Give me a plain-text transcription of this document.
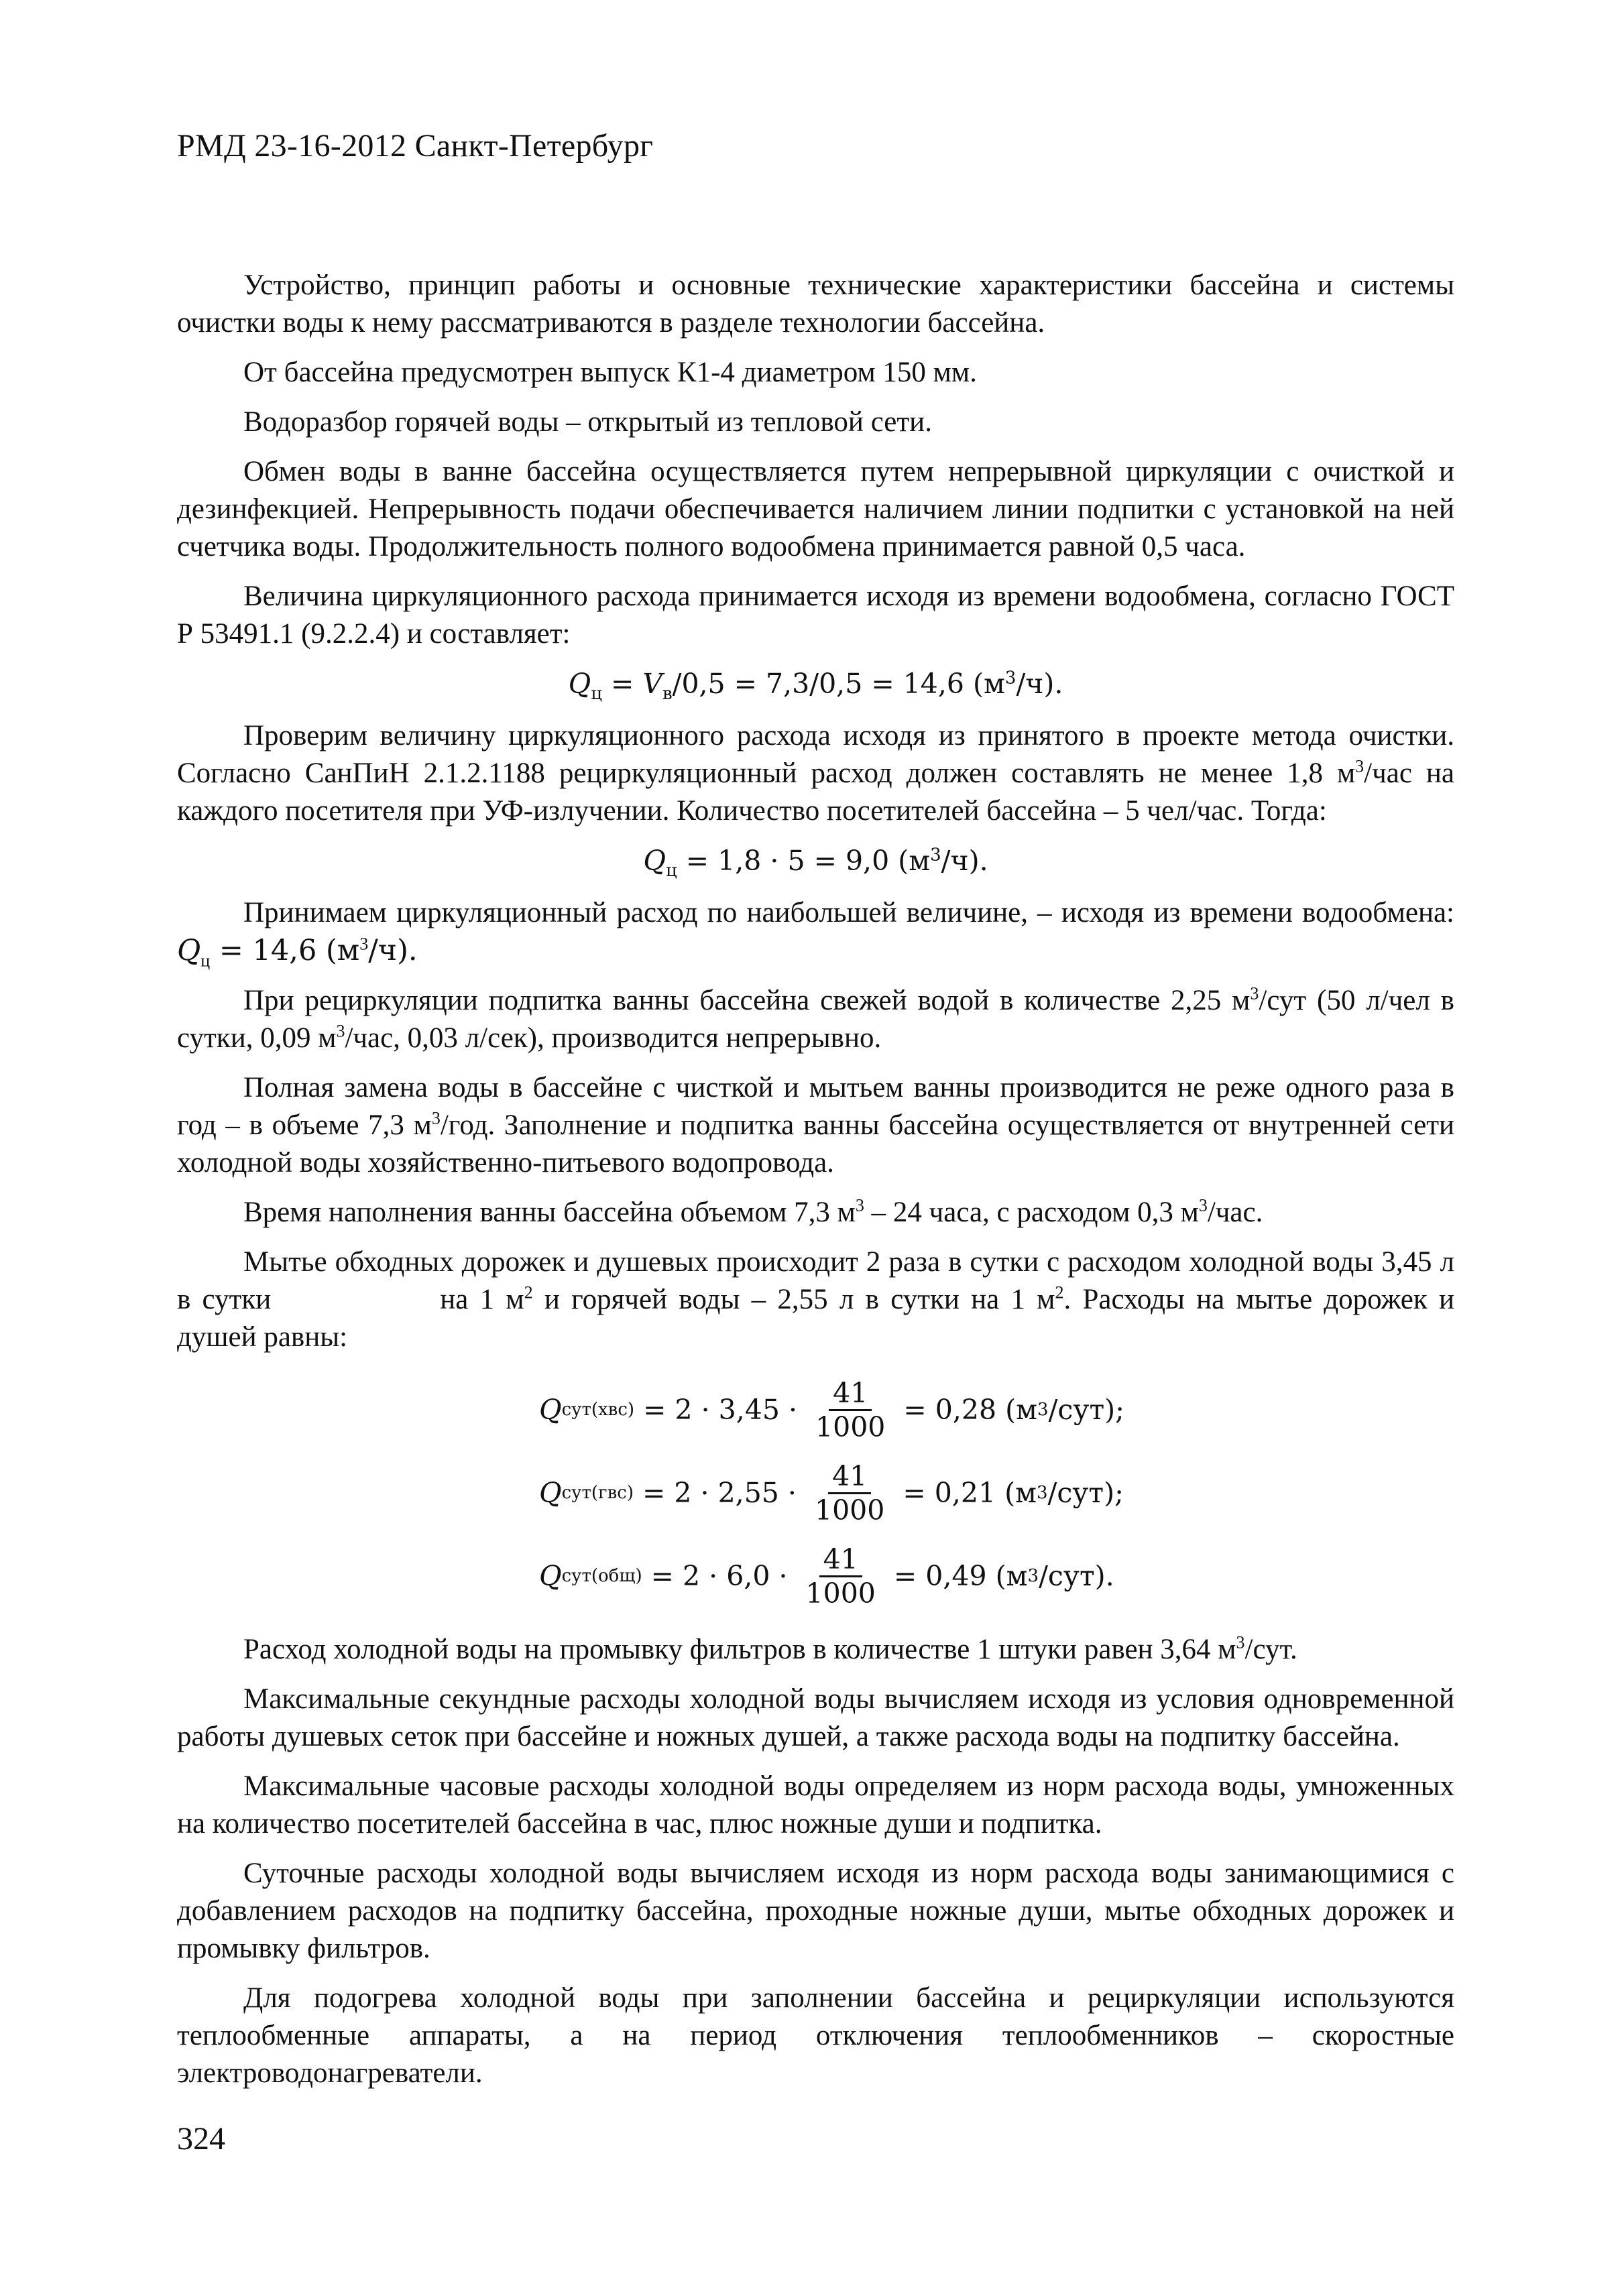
РМД 23-16-2012 Санкт-Петербург

Устройство, принцип работы и основные технические характеристики бассейна и системы очистки воды к нему рассматриваются в разделе технологии бассейна.

От бассейна предусмотрен выпуск К1-4 диаметром 150 мм.

Водоразбор горячей воды – открытый из тепловой сети.

Обмен воды в ванне бассейна осуществляется путем непрерывной циркуляции с очисткой и дезинфекцией. Непрерывность подачи обеспечивается наличием линии подпитки с установкой на ней счетчика воды. Продолжительность полного водообмена принимается равной 0,5 часа.

Величина циркуляционного расхода принимается исходя из времени водообмена, согласно ГОСТ Р 53491.1 (9.2.2.4) и составляет:

$Q_ц = V_в/0,5 = 7,3/0,5 = 14,6$ $(м^3/ч)$.

Проверим величину циркуляционного расхода исходя из принятого в проекте метода очистки. Согласно СанПиН 2.1.2.1188 рециркуляционный расход должен составлять не менее 1,8 $м^3$/час на каждого посетителя при УФ-излучении. Количество посетителей бассейна – 5 чел/час. Тогда:

$Q_ц = 1,8 \cdot 5 = 9,0$ $(м^3/ч)$.

Принимаем циркуляционный расход по наибольшей величине, – исходя из времени водообмена: $Q_ц = 14,6$ $(м^3/ч)$.

При рециркуляции подпитка ванны бассейна свежей водой в количестве 2,25 $м^3$/сут (50 л/чел в сутки, 0,09 $м^3$/час, 0,03 л/сек), производится непрерывно.

Полная замена воды в бассейне с чисткой и мытьем ванны производится не реже одного раза в год – в объеме 7,3 $м^3$/год. Заполнение и подпитка ванны бассейна осуществляется от внутренней сети холодной воды хозяйственно-питьевого водопровода.

Время наполнения ванны бассейна объемом 7,3 $м^3 - 24$ часа, с расходом 0,3 $м^3$/час.

Мытье обходных дорожек и душевых происходит 2 раза в сутки с расходом холодной воды 3,45 л в сутки	на 1 $м^2$ и горячей воды – 2,55 л в сутки на 1 $м^2$. Расходы на мытье дорожек и душей равны:

Q $сут(хвс) = 2 \cdot 3,45 \cdot \frac{41}{1000} = 0,28$ (м 3 /сут);
Q $сут(гвс) = 2 \cdot 2,55 \cdot \frac{41}{1000} = 0,21$ (м 3 /сут);
Q $сут(общ) = 2 \cdot 6,0 \cdot \frac{41}{1000} = 0,49$ (м 3 /сут).

Расход холодной воды на промывку фильтров в количестве 1 штуки равен 3,64 $м^3$/сут.

Максимальные секундные расходы холодной воды вычисляем исходя из условия одновременной работы душевых сеток при бассейне и ножных душей, а также расхода воды на подпитку бассейна.

Максимальные часовые расходы холодной воды определяем из норм расхода воды, умноженных на количество посетителей бассейна в час, плюс ножные души и подпитка.

Суточные расходы холодной воды вычисляем исходя из норм расхода воды занимающимися с добавлением расходов на подпитку бассейна, проходные ножные души, мытье обходных дорожек и промывку фильтров.

Для подогрева холодной воды при заполнении бассейна и рециркуляции используются теплообменные аппараты, а на период отключения теплообменников – скоростные электроводонагреватели.

324
